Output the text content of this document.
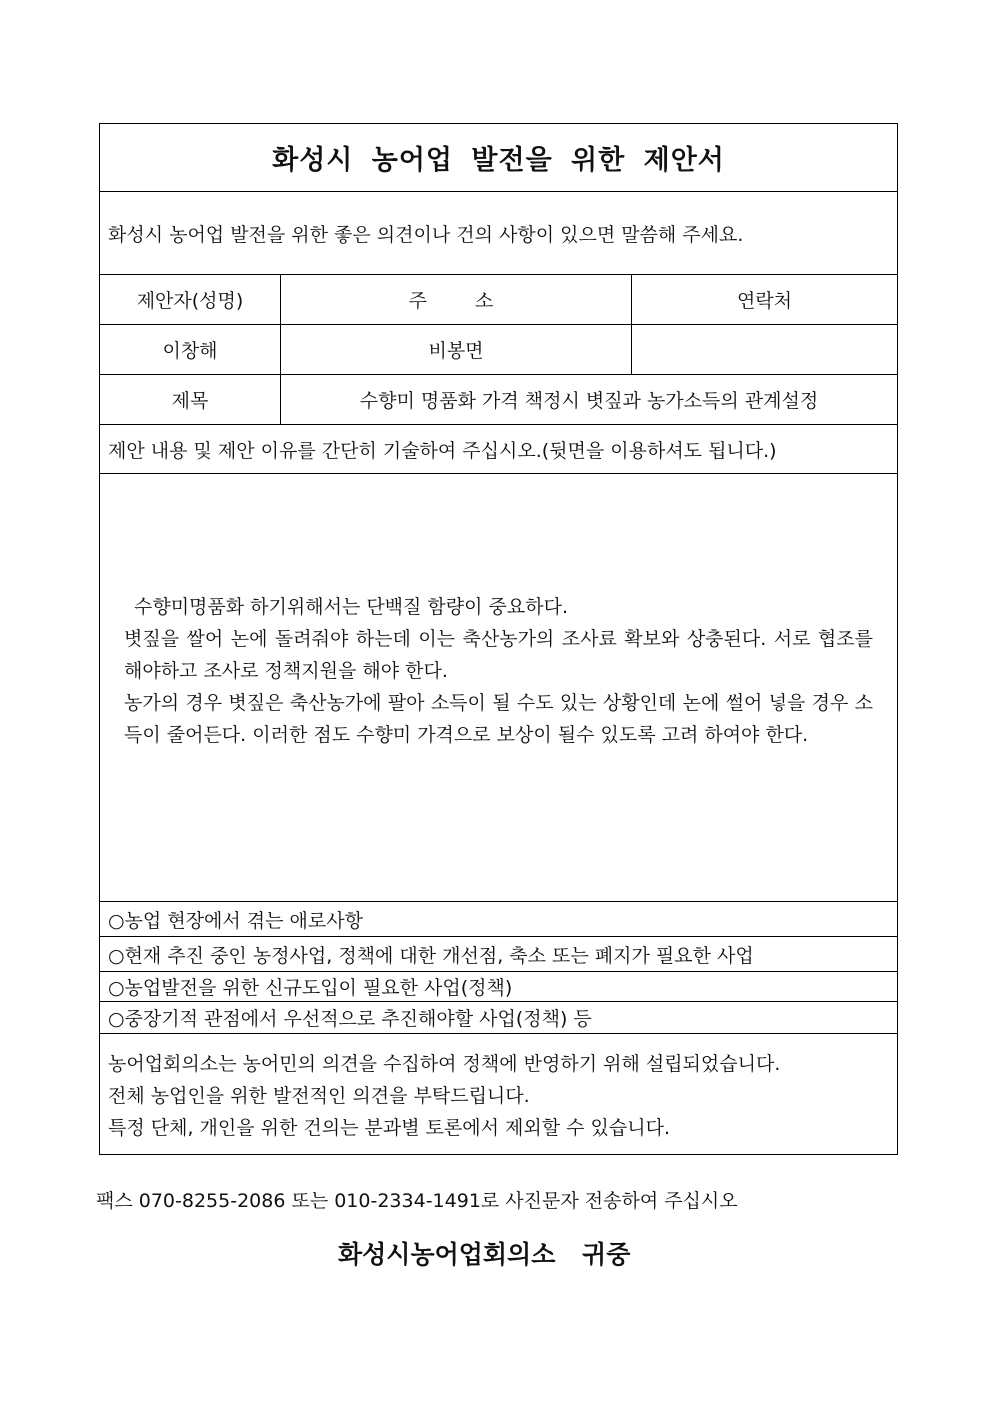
화성시 농어업 발전을 위한 제안서
화성시 농어업 발전을 위한 좋은 의견이나 건의 사항이 있으면 말씀해 주세요.
제안자(성명)	주 소	연락처
이창해	비봉면
제목	수향미 명품화 가격 책정시 볏짚과 농가소득의 관계설정
제안 내용 및 제안 이유를 간단히 기술하여 주십시오.(뒷면을 이용하셔도 됩니다.)

수향미명품화 하기위해서는 단백질 함량이 중요하다.

볏짚을 쌀어 논에 돌려줘야 하는데 이는 축산농가의 조사료 확보와 상충된다. 서로 협조를 해야하고 조사로 정책지원을 해야 한다.

농가의 경우 볏짚은 축산농가에 팔아 소득이 될 수도 있는 상황인데 논에 썰어 넣을 경우 소득이 줄어든다. 이러한 점도 수향미 가격으로 보상이 될수 있도록 고려 하여야 한다.

○농업 현장에서 겪는 애로사항
○현재 추진 중인 농정사업, 정책에 대한 개선점, 축소 또는 폐지가 필요한 사업
○농업발전을 위한 신규도입이 필요한 사업(정책)
○중장기적 관점에서 우선적으로 추진해야할 사업(정책) 등

농어업회의소는 농어민의 의견을 수집하여 정책에 반영하기 위해 설립되었습니다.

전체 농업인을 위한 발전적인 의견을 부탁드립니다.

특정 단체, 개인을 위한 건의는 분과별 토론에서 제외할 수 있습니다.

팩스 070-8255-2086 또는 010-2334-1491로 사진문자 전송하여 주십시오
화성시농어업회의소 귀중
